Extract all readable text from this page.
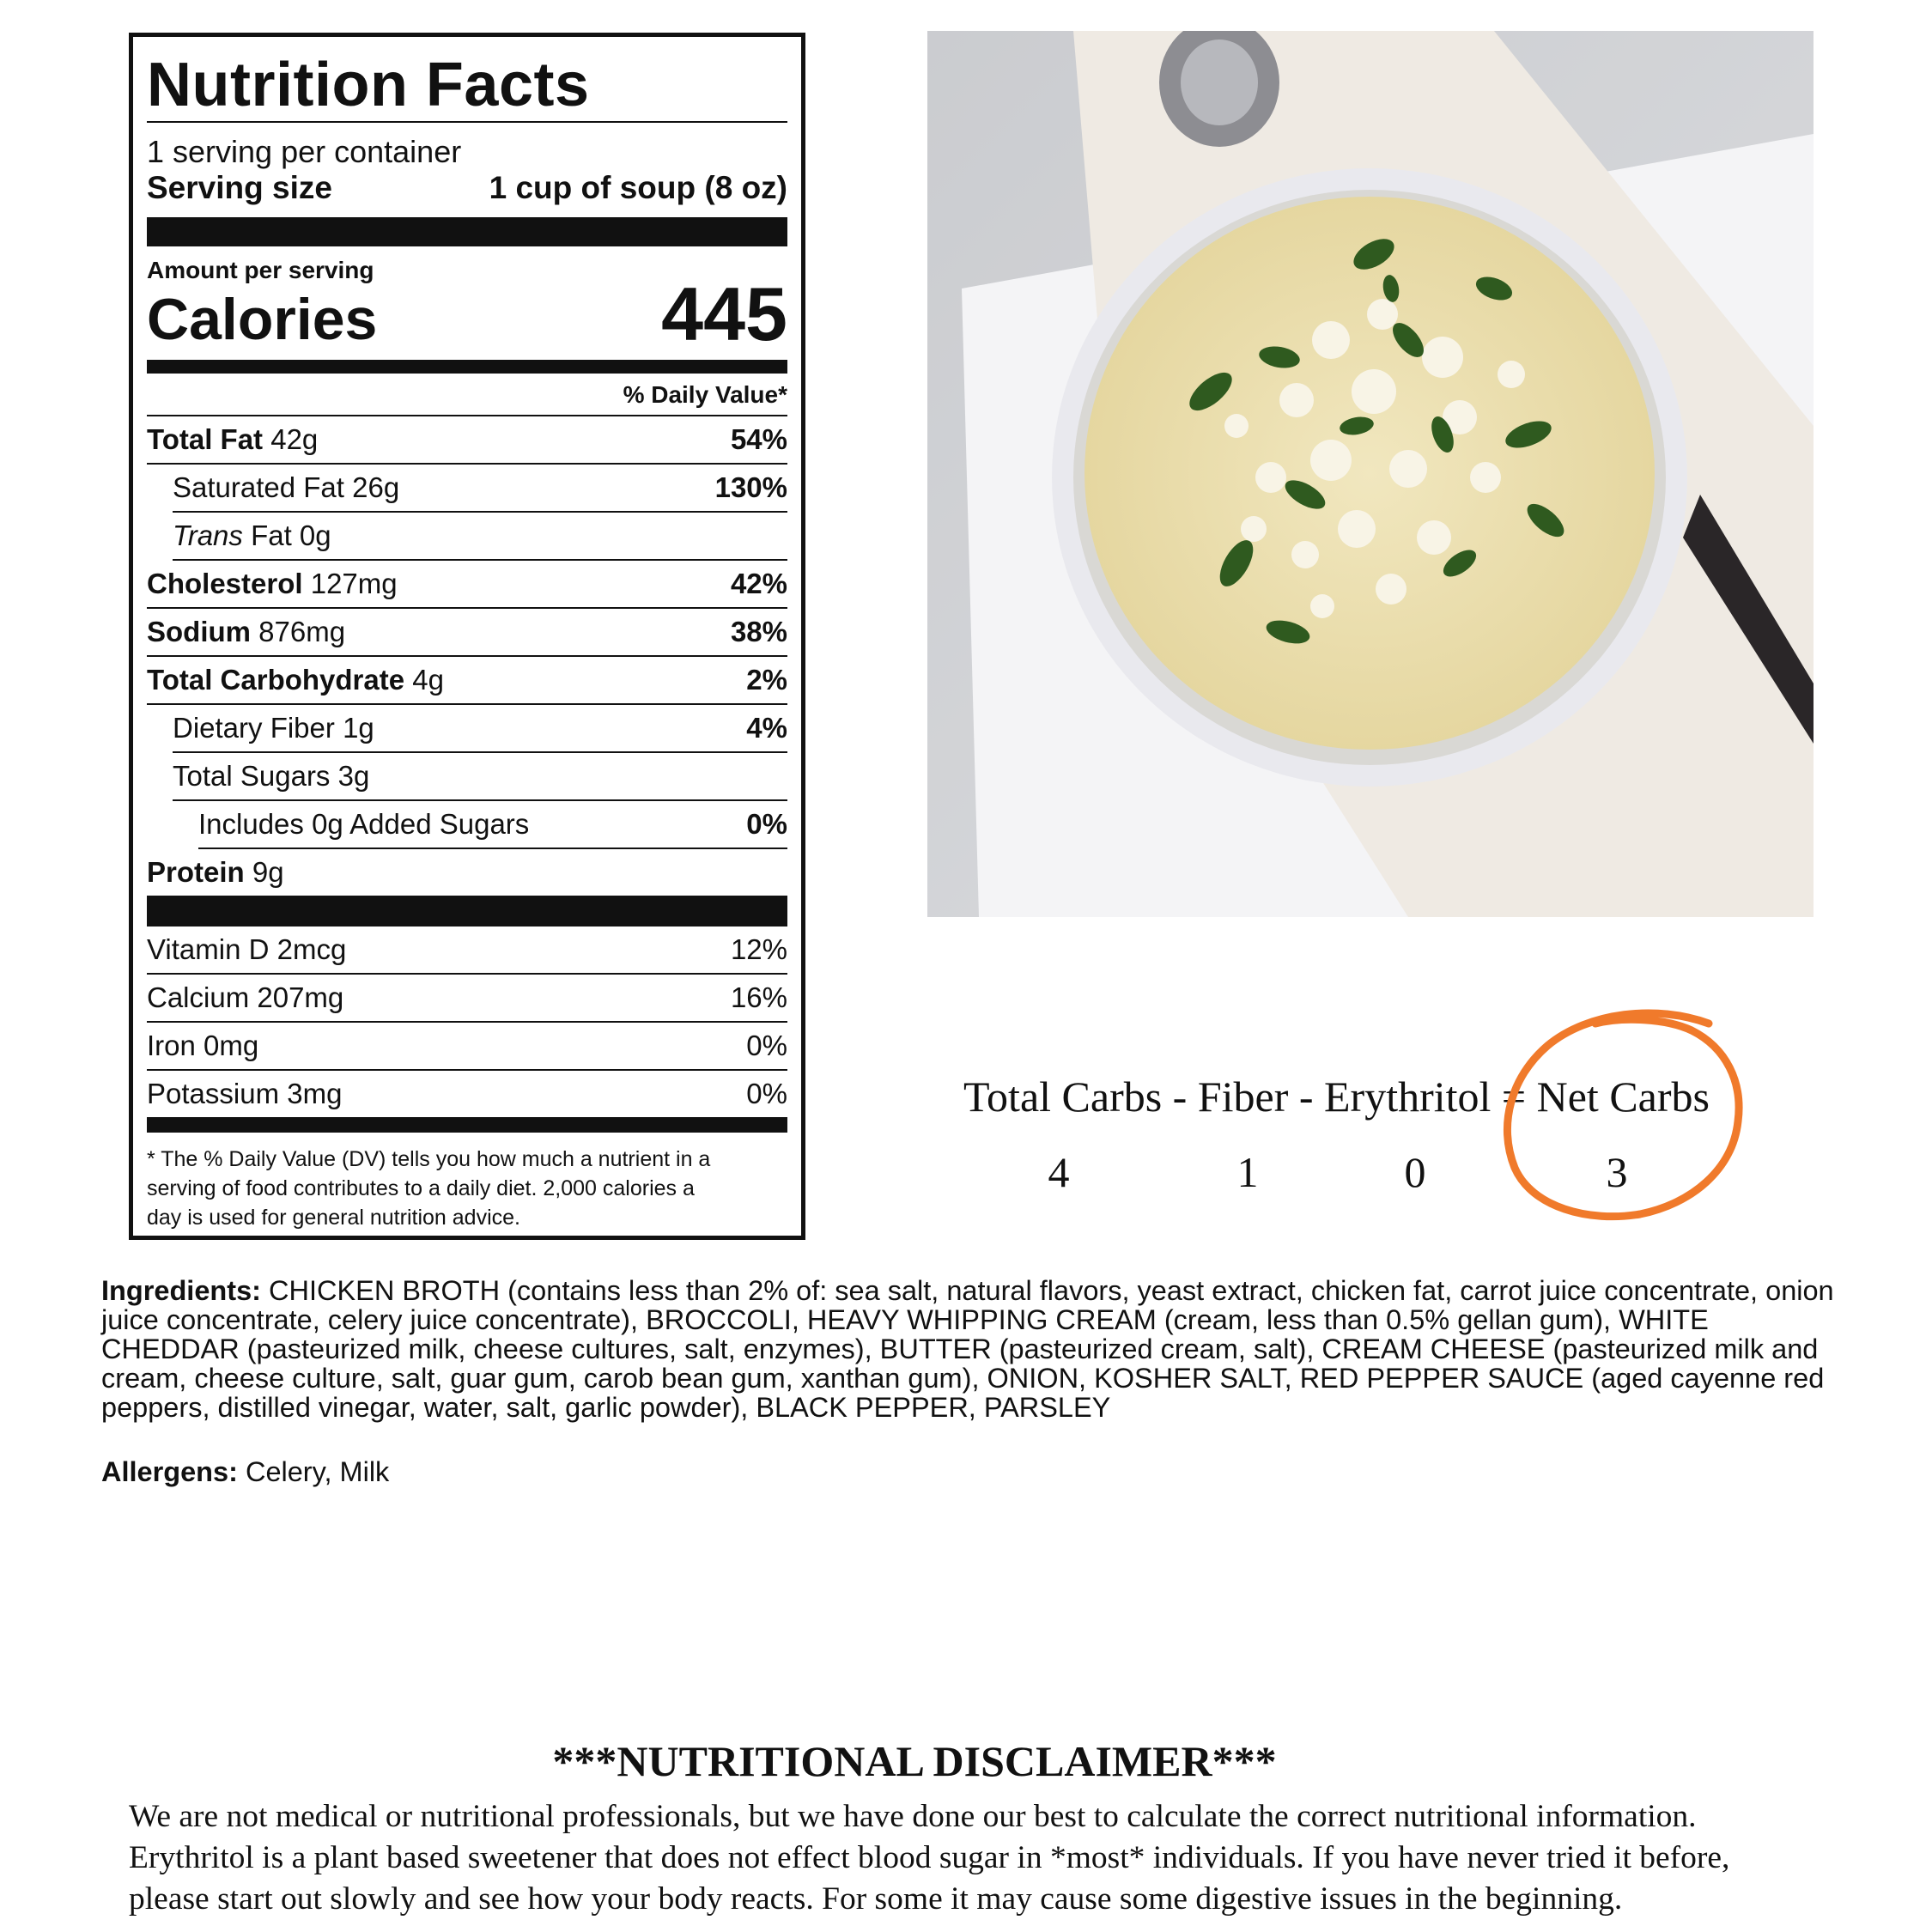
Nutrition Facts
1 serving per container
Serving size	1 cup of soup (8 oz)
Amount per serving
Calories	445
% Daily Value*
Total Fat 42g	54%
Saturated Fat 26g	130%
Trans Fat 0g
Cholesterol 127mg	42%
Sodium 876mg	38%
Total Carbohydrate 4g	2%
Dietary Fiber 1g	4%
Total Sugars 3g
Includes 0g Added Sugars	0%
Protein 9g
Vitamin D 2mcg	12%
Calcium 207mg	16%
Iron 0mg	0%
Potassium 3mg	0%
* The % Daily Value (DV) tells you how much a nutrient in a
serving of food contributes to a daily diet. 2,000 calories a
day is used for general nutrition advice.
Total Carbs - Fiber - Erythritol = Net Carbs
4	1	0	3
Ingredients: CHICKEN BROTH (contains less than 2% of: sea salt, natural flavors, yeast extract, chicken fat, carrot juice concentrate, onion juice concentrate, celery juice concentrate), BROCCOLI, HEAVY WHIPPING CREAM (cream, less than 0.5% gellan gum), WHITE CHEDDAR (pasteurized milk, cheese cultures, salt, enzymes), BUTTER (pasteurized cream, salt), CREAM CHEESE (pasteurized milk and cream, cheese culture, salt, guar gum, carob bean gum, xanthan gum), ONION, KOSHER SALT, RED PEPPER SAUCE (aged cayenne red peppers, distilled vinegar, water, salt, garlic powder), BLACK PEPPER, PARSLEY
Allergens: Celery, Milk
***NUTRITIONAL DISCLAIMER***
We are not medical or nutritional professionals, but we have done our best to calculate the correct nutritional information.
Erythritol is a plant based sweetener that does not effect blood sugar in *most* individuals. If you have never tried it before,
please start out slowly and see how your body reacts. For some it may cause some digestive issues in the beginning.
